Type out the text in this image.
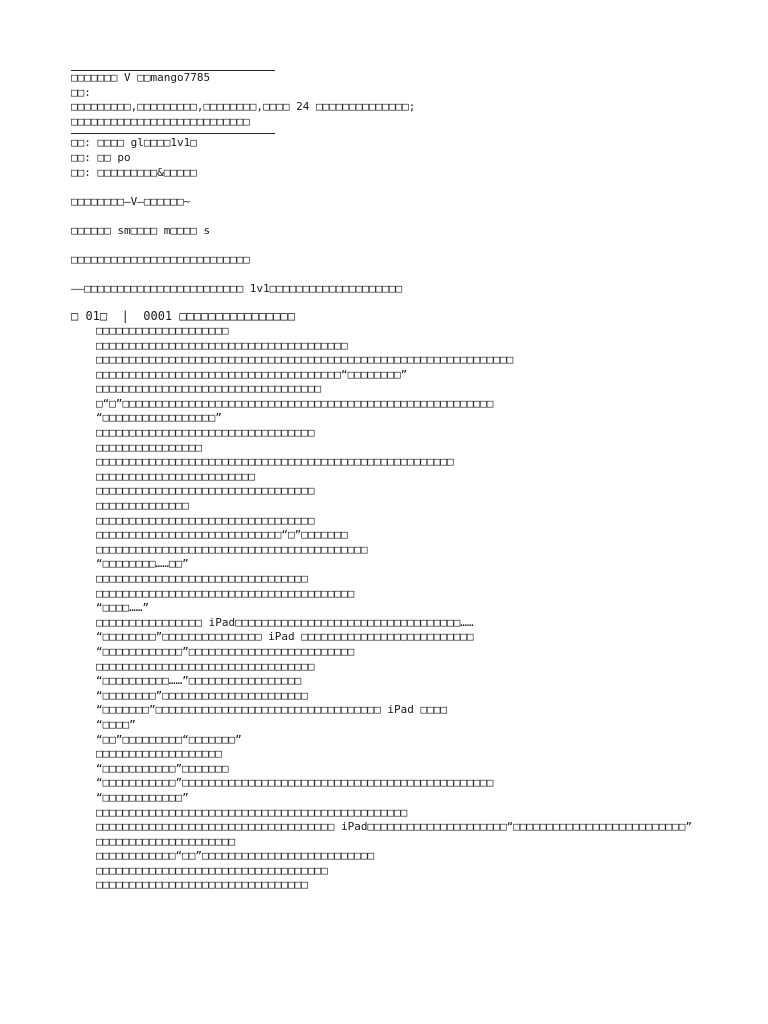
□□□□□□□ V □□mango7785
□□:
□□□□□□□□□,□□□□□□□□□,□□□□□□□□,□□□□ 24 □□□□□□□□□□□□□□;
□□□□□□□□□□□□□□□□□□□□□□□□□□□
□□: □□□□ gl□□□□1v1□
□□: □□ po
□□: □□□□□□□□□&□□□□□
□□□□□□□□—V—□□□□□□~
□□□□□□ sm□□□□ m□□□□ s
□□□□□□□□□□□□□□□□□□□□□□□□□□□
——□□□□□□□□□□□□□□□□□□□□□□□□ 1v1□□□□□□□□□□□□□□□□□□□□
□ 01□  |  0001 □□□□□□□□□□□□□□□□
□□□□□□□□□□□□□□□□□□□□
□□□□□□□□□□□□□□□□□□□□□□□□□□□□□□□□□□□□□□
□□□□□□□□□□□□□□□□□□□□□□□□□□□□□□□□□□□□□□□□□□□□□□□□□□□□□□□□□□□□□□□
□□□□□□□□□□□□□□□□□□□□□□□□□□□□□□□□□□□□□“□□□□□□□□”
□□□□□□□□□□□□□□□□□□□□□□□□□□□□□□□□□□
□“□”□□□□□□□□□□□□□□□□□□□□□□□□□□□□□□□□□□□□□□□□□□□□□□□□□□□□□□□□
“□□□□□□□□□□□□□□□□□”
□□□□□□□□□□□□□□□□□□□□□□□□□□□□□□□□□
□□□□□□□□□□□□□□□□
□□□□□□□□□□□□□□□□□□□□□□□□□□□□□□□□□□□□□□□□□□□□□□□□□□□□□□
□□□□□□□□□□□□□□□□□□□□□□□□
□□□□□□□□□□□□□□□□□□□□□□□□□□□□□□□□□
□□□□□□□□□□□□□□
□□□□□□□□□□□□□□□□□□□□□□□□□□□□□□□□□
□□□□□□□□□□□□□□□□□□□□□□□□□□□□“□”□□□□□□□
□□□□□□□□□□□□□□□□□□□□□□□□□□□□□□□□□□□□□□□□□
“□□□□□□□□……□□”
□□□□□□□□□□□□□□□□□□□□□□□□□□□□□□□□
□□□□□□□□□□□□□□□□□□□□□□□□□□□□□□□□□□□□□□□
“□□□□……”
□□□□□□□□□□□□□□□□ iPad□□□□□□□□□□□□□□□□□□□□□□□□□□□□□□□□□□……
“□□□□□□□□”□□□□□□□□□□□□□□□ iPad □□□□□□□□□□□□□□□□□□□□□□□□□□
“□□□□□□□□□□□□”□□□□□□□□□□□□□□□□□□□□□□□□□
□□□□□□□□□□□□□□□□□□□□□□□□□□□□□□□□□
“□□□□□□□□□□……”□□□□□□□□□□□□□□□□□
“□□□□□□□□”□□□□□□□□□□□□□□□□□□□□□□
“□□□□□□□”□□□□□□□□□□□□□□□□□□□□□□□□□□□□□□□□□□ iPad □□□□
“□□□□”
“□□”□□□□□□□□□“□□□□□□□”
□□□□□□□□□□□□□□□□□□□
“□□□□□□□□□□□”□□□□□□□
“□□□□□□□□□□□”□□□□□□□□□□□□□□□□□□□□□□□□□□□□□□□□□□□□□□□□□□□□□□□
“□□□□□□□□□□□□”
□□□□□□□□□□□□□□□□□□□□□□□□□□□□□□□□□□□□□□□□□□□□□□□
□□□□□□□□□□□□□□□□□□□□□□□□□□□□□□□□□□□□ iPad□□□□□□□□□□□□□□□□□□□□□“□□□□□□□□□□□□□□□□□□□□□□□□□□”
□□□□□□□□□□□□□□□□□□□□□
□□□□□□□□□□□□“□□”□□□□□□□□□□□□□□□□□□□□□□□□□□
□□□□□□□□□□□□□□□□□□□□□□□□□□□□□□□□□□□
□□□□□□□□□□□□□□□□□□□□□□□□□□□□□□□□
